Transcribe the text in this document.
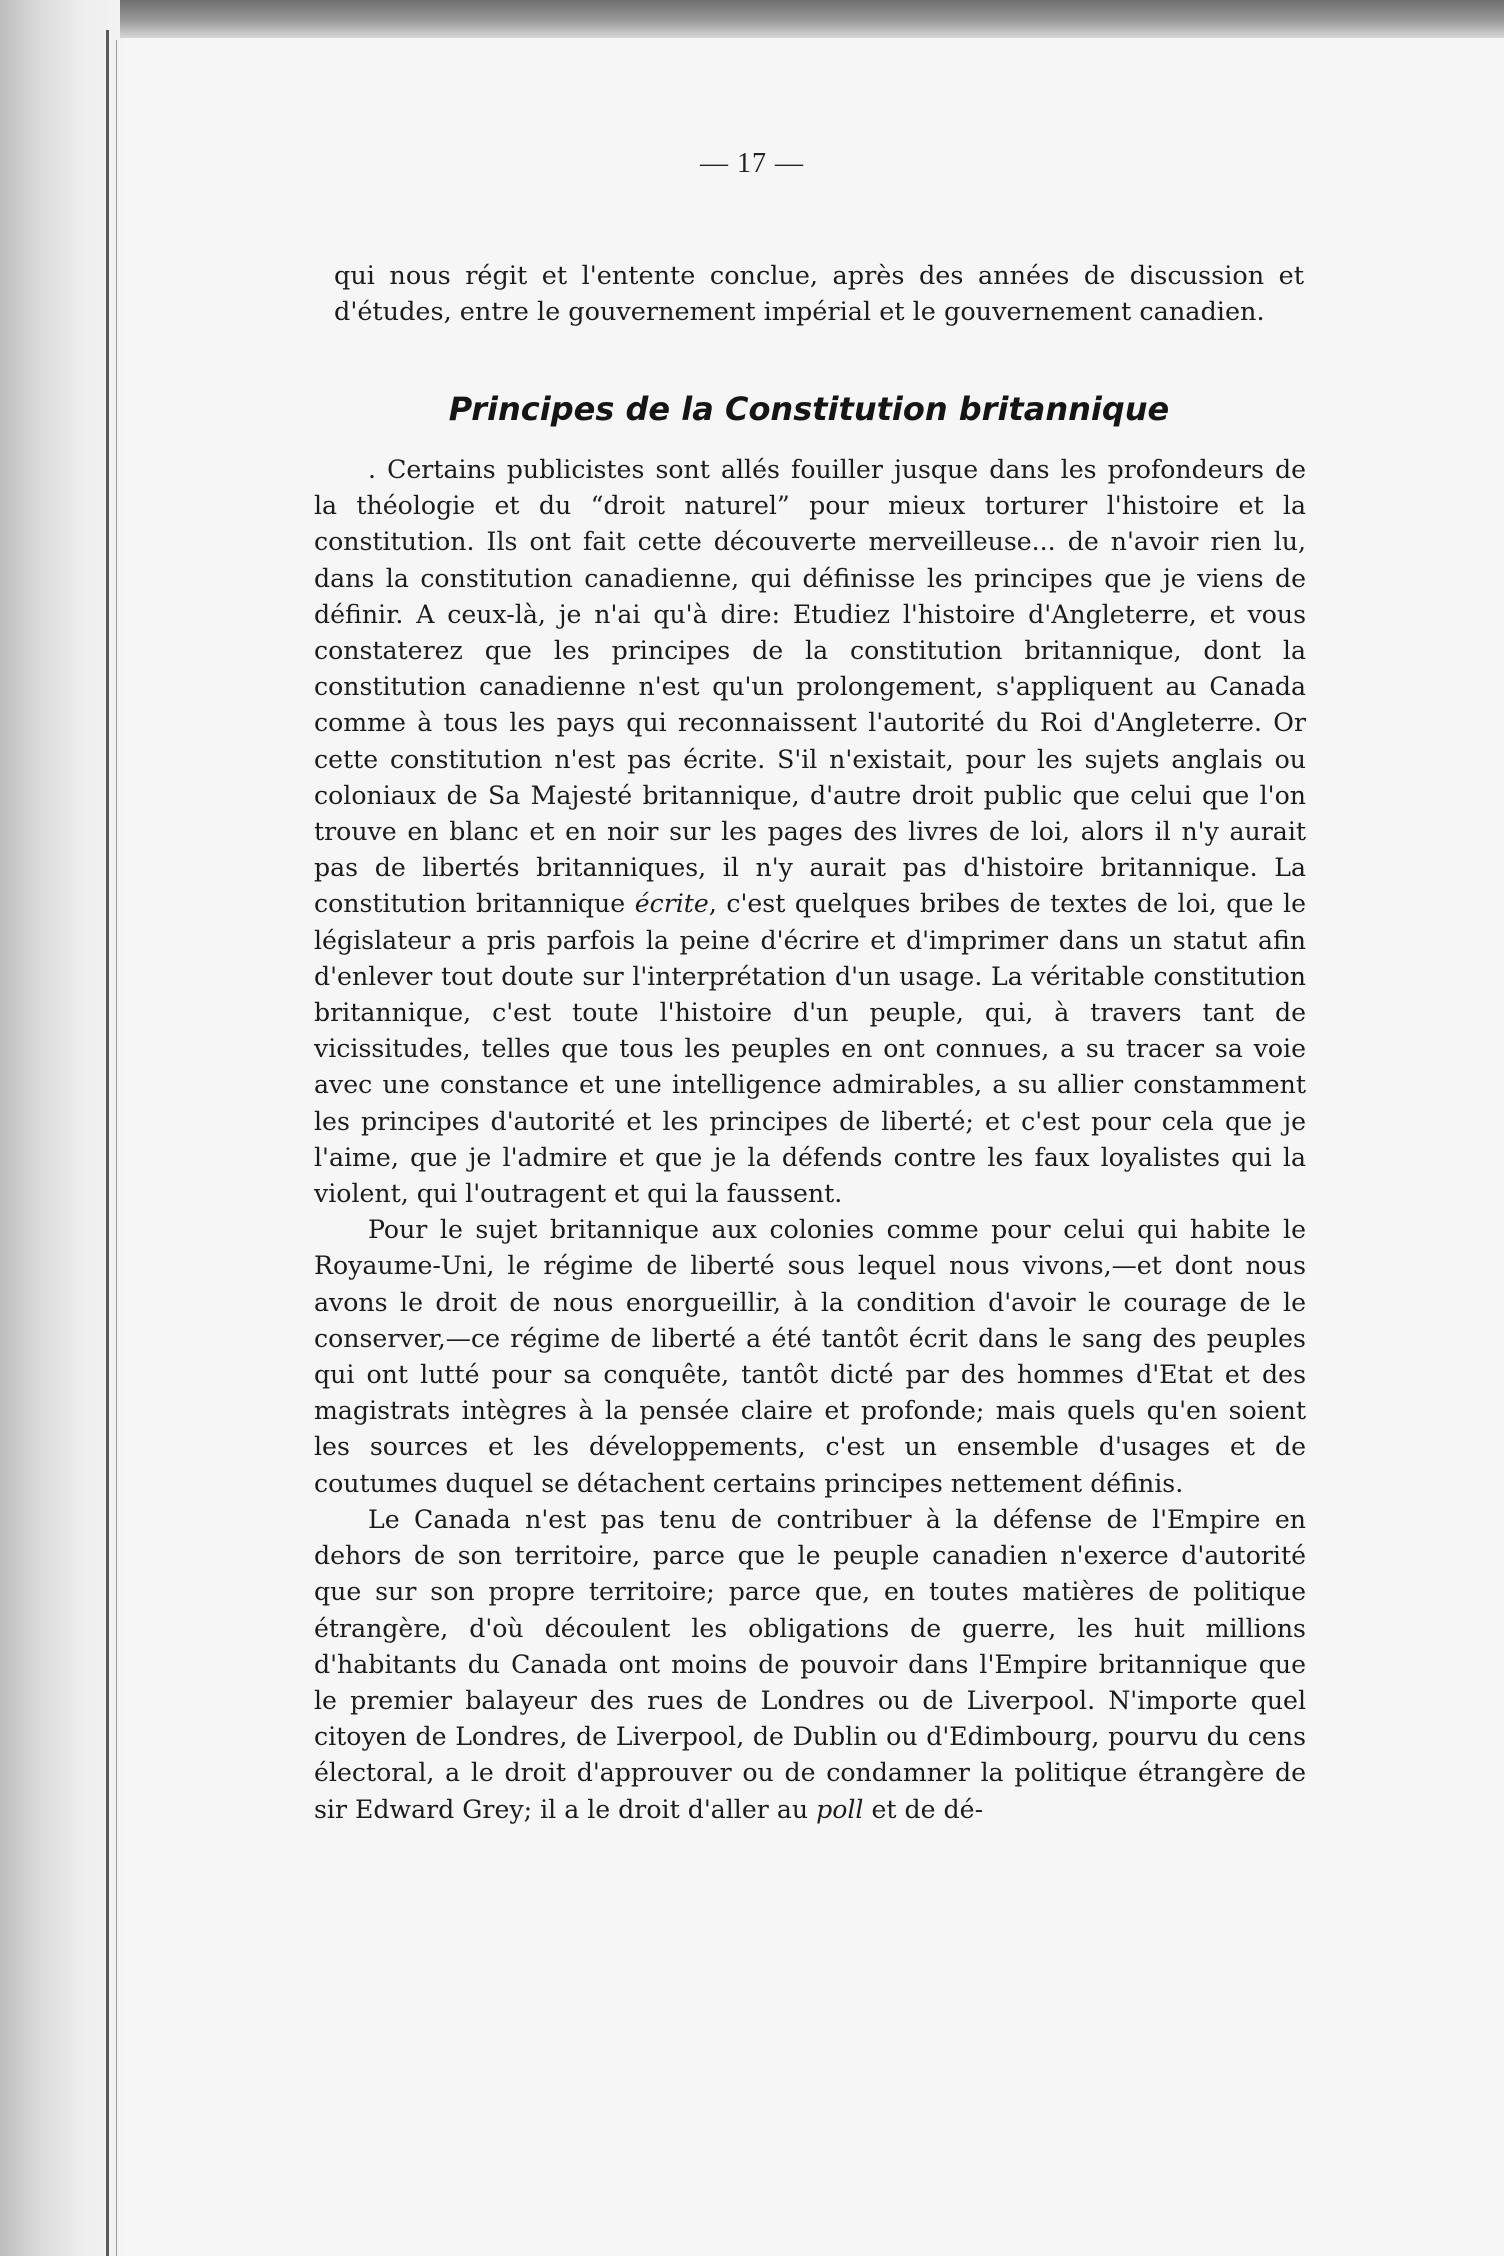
— 17 —

qui nous régit et l'entente conclue, après des années de discussion et d'études, entre le gouvernement impérial et le gouvernement canadien.

Principes de la Constitution britannique

. Certains publicistes sont allés fouiller jusque dans les profondeurs de la théologie et du “droit naturel” pour mieux torturer l'histoire et la constitution. Ils ont fait cette découverte merveilleuse... de n'avoir rien lu, dans la constitution canadienne, qui définisse les principes que je viens de définir. A ceux-là, je n'ai qu'à dire: Etudiez l'histoire d'Angleterre, et vous constaterez que les principes de la constitution britannique, dont la constitution canadienne n'est qu'un prolongement, s'appliquent au Canada comme à tous les pays qui reconnaissent l'autorité du Roi d'Angleterre. Or cette constitution n'est pas écrite. S'il n'existait, pour les sujets anglais ou coloniaux de Sa Majesté britannique, d'autre droit public que celui que l'on trouve en blanc et en noir sur les pages des livres de loi, alors il n'y aurait pas de libertés britanniques, il n'y aurait pas d'histoire britannique. La constitution britannique écrite, c'est quelques bribes de textes de loi, que le législateur a pris parfois la peine d'écrire et d'imprimer dans un statut afin d'enlever tout doute sur l'interprétation d'un usage. La véritable constitution britannique, c'est toute l'histoire d'un peuple, qui, à travers tant de vicissitudes, telles que tous les peuples en ont connues, a su tracer sa voie avec une constance et une intelligence admirables, a su allier constamment les principes d'autorité et les principes de liberté; et c'est pour cela que je l'aime, que je l'admire et que je la défends contre les faux loyalistes qui la violent, qui l'outragent et qui la faussent.

Pour le sujet britannique aux colonies comme pour celui qui habite le Royaume-Uni, le régime de liberté sous lequel nous vivons,—et dont nous avons le droit de nous enorgueillir, à la condition d'avoir le courage de le conserver,—ce régime de liberté a été tantôt écrit dans le sang des peuples qui ont lutté pour sa conquête, tantôt dicté par des hommes d'Etat et des magistrats intègres à la pensée claire et profonde; mais quels qu'en soient les sources et les développements, c'est un ensemble d'usages et de coutumes duquel se détachent certains principes nettement définis.

Le Canada n'est pas tenu de contribuer à la défense de l'Empire en dehors de son territoire, parce que le peuple canadien n'exerce d'autorité que sur son propre territoire; parce que, en toutes matières de politique étrangère, d'où découlent les obligations de guerre, les huit millions d'habitants du Canada ont moins de pouvoir dans l'Empire britannique que le premier balayeur des rues de Londres ou de Liverpool. N'importe quel citoyen de Londres, de Liverpool, de Dublin ou d'Edimbourg, pourvu du cens électoral, a le droit d'approuver ou de condamner la politique étrangère de sir Edward Grey; il a le droit d'aller au poll et de dé-
